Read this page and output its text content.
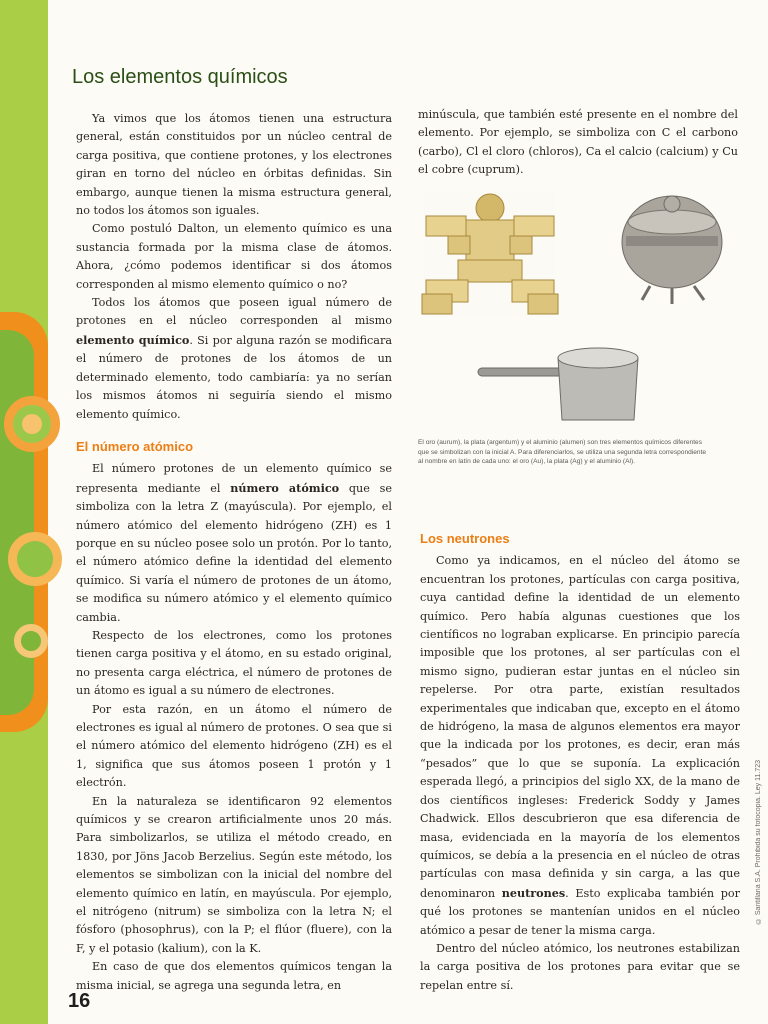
Los elementos químicos

Ya vimos que los átomos tienen una estructura general, están constituidos por un núcleo central de carga positiva, que contiene protones, y los electrones giran en torno del núcleo en órbitas definidas. Sin embargo, aunque tienen la misma estructura general, no todos los átomos son iguales.

Como postuló Dalton, un elemento químico es una sustancia formada por la misma clase de átomos. Ahora, ¿cómo podemos identificar si dos átomos corresponden al mismo elemento químico o no?

Todos los átomos que poseen igual número de protones en el núcleo corresponden al mismo elemento químico. Si por alguna razón se modificara el número de protones de los átomos de un determinado elemento, todo cambiaría: ya no serían los mismos átomos ni seguiría siendo el mismo elemento químico.

El número atómico

El número protones de un elemento químico se representa mediante el número atómico que se simboliza con la letra Z (mayúscula). Por ejemplo, el número atómico del elemento hidrógeno (ZH) es 1 porque en su núcleo posee solo un protón. Por lo tanto, el número atómico define la identidad del elemento químico. Si varía el número de protones de un átomo, se modifica su número atómico y el elemento químico cambia.

Respecto de los electrones, como los protones tienen carga positiva y el átomo, en su estado original, no presenta carga eléctrica, el número de protones de un átomo es igual a su número de electrones.

Por esta razón, en un átomo el número de electrones es igual al número de protones. O sea que si el número atómico del elemento hidrógeno (ZH) es el 1, significa que sus átomos poseen 1 protón y 1 electrón.

En la naturaleza se identificaron 92 elementos químicos y se crearon artificialmente unos 20 más. Para simbolizarlos, se utiliza el método creado, en 1830, por Jöns Jacob Berzelius. Según este método, los elementos se simbolizan con la inicial del nombre del elemento químico en latín, en mayúscula. Por ejemplo, el nitrógeno (nitrum) se simboliza con la letra N; el fósforo (phosophrus), con la P; el flúor (fluere), con la F, y el potasio (kalium), con la K.

En caso de que dos elementos químicos tengan la misma inicial, se agrega una segunda letra, en

minúscula, que también esté presente en el nombre del elemento. Por ejemplo, se simboliza con C el carbono (carbo), Cl el cloro (chloros), Ca el calcio (calcium) y Cu el cobre (cuprum).

El oro (aurum), la plata (argentum) y el aluminio (alumen) son tres elementos químicos diferentes que se simbolizan con la inicial A. Para diferenciarlos, se utiliza una segunda letra correspondiente al nombre en latín de cada uno: el oro (Au), la plata (Ag) y el aluminio (Al).
Los neutrones

Como ya indicamos, en el núcleo del átomo se encuentran los protones, partículas con carga positiva, cuya cantidad define la identidad de un elemento químico. Pero había algunas cuestiones que los científicos no lograban explicarse. En principio parecía imposible que los protones, al ser partículas con el mismo signo, pudieran estar juntas en el núcleo sin repelerse. Por otra parte, existían resultados experimentales que indicaban que, excepto en el átomo de hidrógeno, la masa de algunos elementos era mayor que la indicada por los protones, es decir, eran más “pesados” que lo que se suponía. La explicación esperada llegó, a principios del siglo XX, de la mano de dos científicos ingleses: Frederick Soddy y James Chadwick. Ellos descubrieron que esa diferencia de masa, evidenciada en la mayoría de los elementos químicos, se debía a la presencia en el núcleo de otras partículas con masa definida y sin carga, a las que denominaron neutrones. Esto explicaba también por qué los protones se mantenían unidos en el núcleo atómico a pesar de tener la misma carga.

Dentro del núcleo atómico, los neutrones estabilizan la carga positiva de los protones para evitar que se repelan entre sí.

© Santillana S.A. Prohibida su fotocopia. Ley 11.723
16
